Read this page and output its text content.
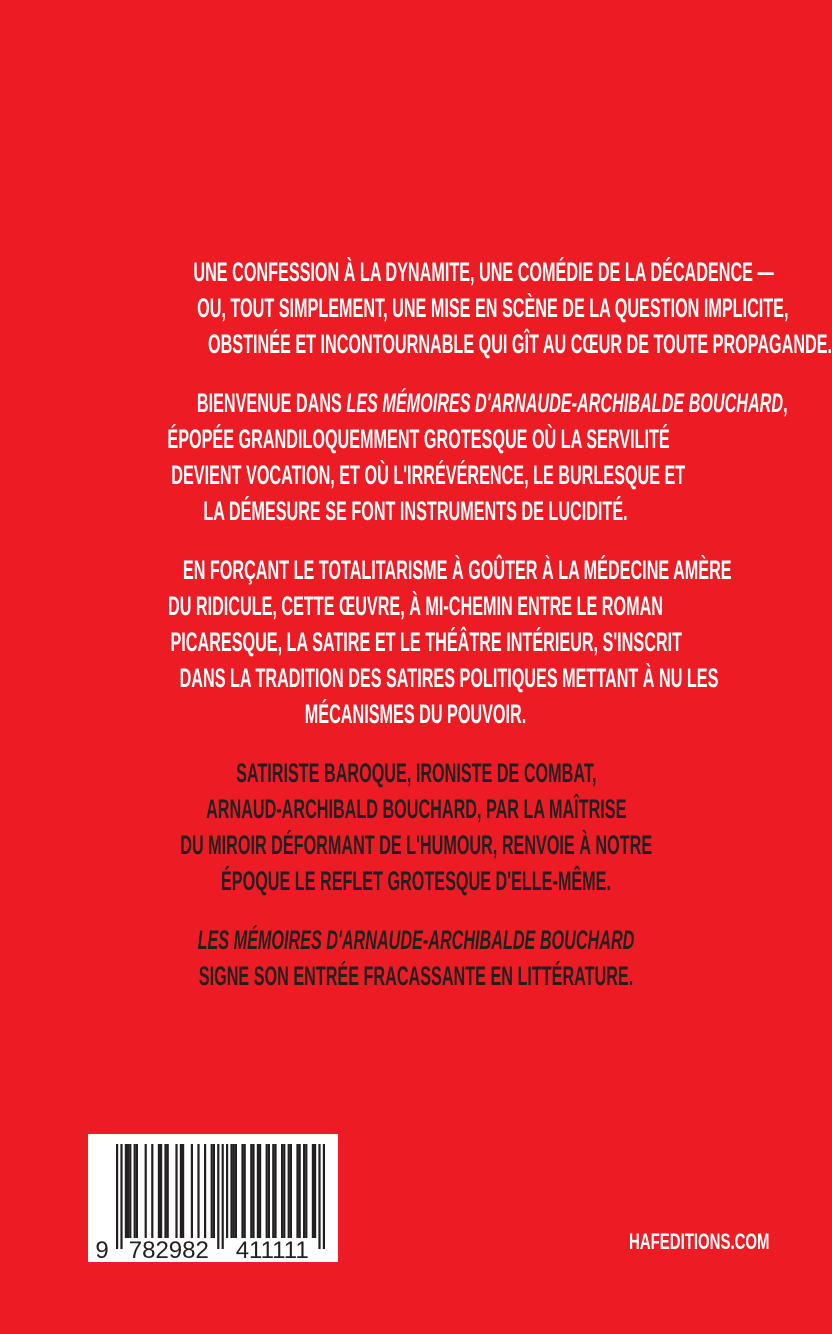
UNE CONFESSION À LA DYNAMITE, UNE COMÉDIE DE LA DÉCADENCE —
OU, TOUT SIMPLEMENT, UNE MISE EN SCÈNE DE LA QUESTION IMPLICITE,
OBSTINÉE ET INCONTOURNABLE QUI GÎT AU CŒUR DE TOUTE PROPAGANDE.
BIENVENUE DANS LES MÉMOIRES D'ARNAUDE-ARCHIBALDE BOUCHARD,
ÉPOPÉE GRANDILOQUEMMENT GROTESQUE OÙ LA SERVILITÉ
DEVIENT VOCATION, ET OÙ L'IRRÉVÉRENCE, LE BURLESQUE ET
LA DÉMESURE SE FONT INSTRUMENTS DE LUCIDITÉ.
EN FORÇANT LE TOTALITARISME À GOÛTER À LA MÉDECINE AMÈRE
DU RIDICULE, CETTE ŒUVRE, À MI-CHEMIN ENTRE LE ROMAN
PICARESQUE, LA SATIRE ET LE THÉÂTRE INTÉRIEUR, S'INSCRIT
DANS LA TRADITION DES SATIRES POLITIQUES METTANT À NU LES
MÉCANISMES DU POUVOIR.
SATIRISTE BAROQUE, IRONISTE DE COMBAT,
ARNAUD-ARCHIBALD BOUCHARD, PAR LA MAÎTRISE
DU MIROIR DÉFORMANT DE L'HUMOUR, RENVOIE À NOTRE
ÉPOQUE LE REFLET GROTESQUE D'ELLE-MÊME.
LES MÉMOIRES D'ARNAUDE-ARCHIBALDE BOUCHARD
SIGNE SON ENTRÉE FRACASSANTE EN LITTÉRATURE.
9 782982 411111	HAFEDITIONS.COM
